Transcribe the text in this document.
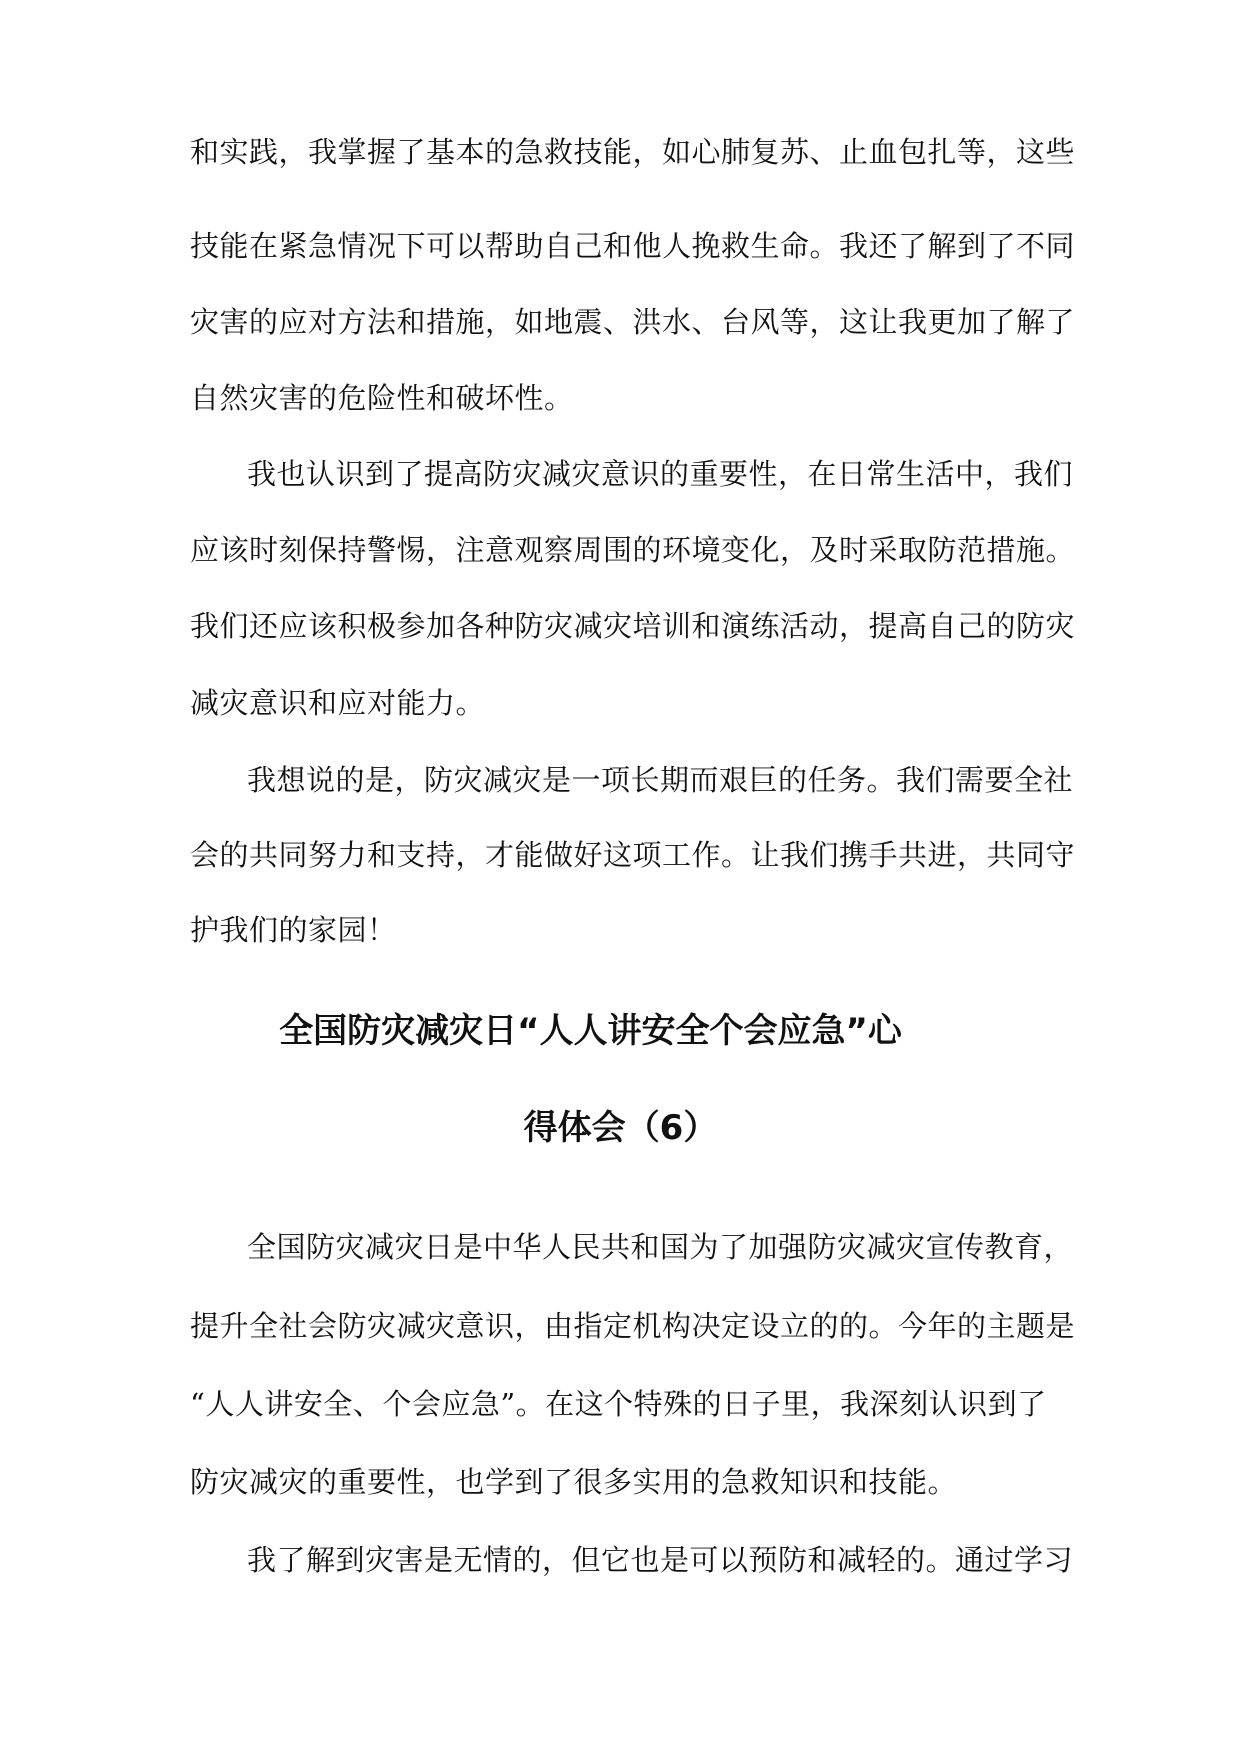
和实践，我掌握了基本的急救技能，如心肺复苏、止血包扎等，这些
技能在紧急情况下可以帮助自己和他人挽救生命。我还了解到了不同
灾害的应对方法和措施，如地震、洪水、台风等，这让我更加了解了
自然灾害的危险性和破坏性。
我也认识到了提高防灾减灾意识的重要性，在日常生活中，我们
应该时刻保持警惕，注意观察周围的环境变化，及时采取防范措施。
我们还应该积极参加各种防灾减灾培训和演练活动，提高自己的防灾
减灾意识和应对能力。
我想说的是，防灾减灾是一项长期而艰巨的任务。我们需要全社
会的共同努力和支持，才能做好这项工作。让我们携手共进，共同守
护我们的家园！
全国防灾减灾日“人人讲安全个会应急”心
得体会（6）
全国防灾减灾日是中华人民共和国为了加强防灾减灾宣传教育，
提升全社会防灾减灾意识，由指定机构决定设立的的。今年的主题是
“人人讲安全、个会应急”。在这个特殊的日子里，我深刻认识到了
防灾减灾的重要性，也学到了很多实用的急救知识和技能。
我了解到灾害是无情的，但它也是可以预防和减轻的。通过学习
